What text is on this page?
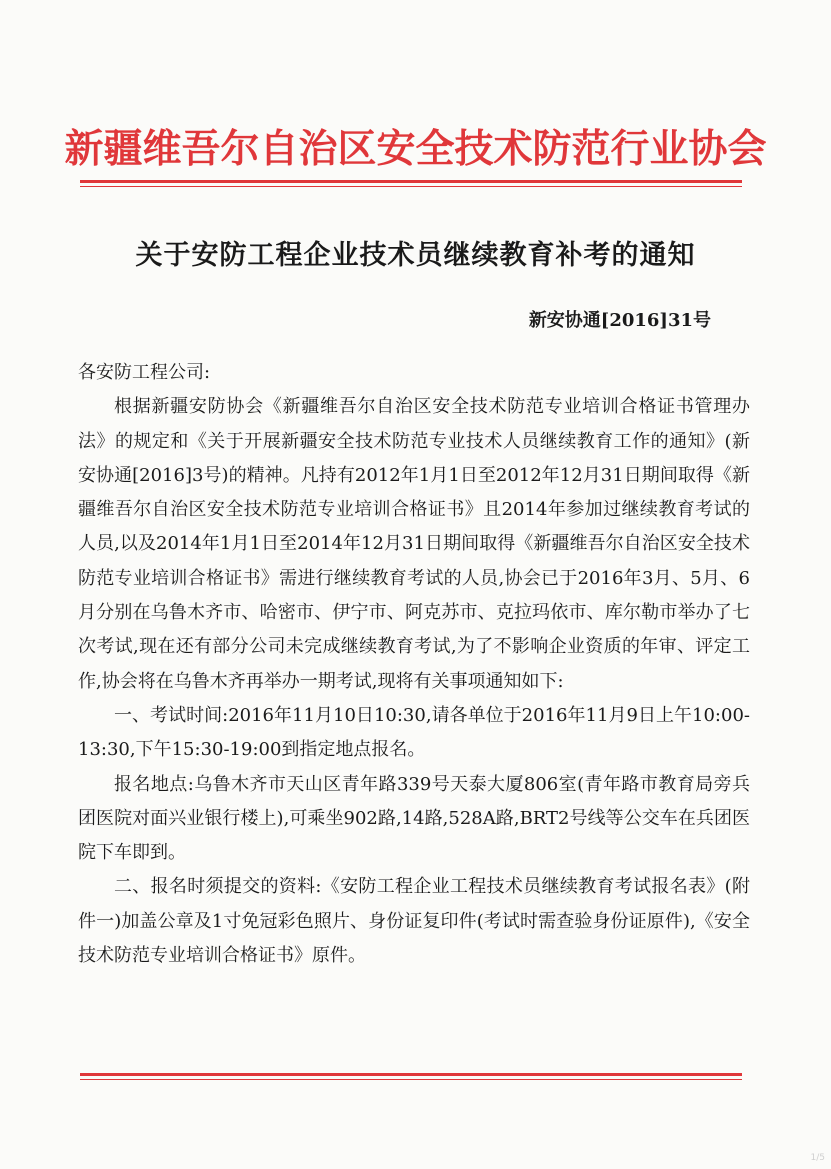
新疆维吾尔自治区安全技术防范行业协会
关于安防工程企业技术员继续教育补考的通知
新安协通[2016]31号

各安防工程公司:

根据新疆安防协会《新疆维吾尔自治区安全技术防范专业培训合格证书管理办法》的规定和《关于开展新疆安全技术防范专业技术人员继续教育工作的通知》(新安协通[2016]3号)的精神。凡持有2012年1月1日至2012年12月31日期间取得《新疆维吾尔自治区安全技术防范专业培训合格证书》且2014年参加过继续教育考试的人员,以及2014年1月1日至2014年12月31日期间取得《新疆维吾尔自治区安全技术防范专业培训合格证书》需进行继续教育考试的人员,协会已于2016年3月、5月、6月分别在乌鲁木齐市、哈密市、伊宁市、阿克苏市、克拉玛依市、库尔勒市举办了七次考试,现在还有部分公司未完成继续教育考试,为了不影响企业资质的年审、评定工作,协会将在乌鲁木齐再举办一期考试,现将有关事项通知如下:

一、考试时间:2016年11月10日10:30,请各单位于2016年11月9日上午10:00-13:30,下午15:30-19:00到指定地点报名。

报名地点:乌鲁木齐市天山区青年路339号天泰大厦806室(青年路市教育局旁兵团医院对面兴业银行楼上),可乘坐902路,14路,528A路,BRT2号线等公交车在兵团医院下车即到。

二、报名时须提交的资料:《安防工程企业工程技术员继续教育考试报名表》(附件一)加盖公章及1寸免冠彩色照片、身份证复印件(考试时需查验身份证原件),《安全技术防范专业培训合格证书》原件。

1/5
